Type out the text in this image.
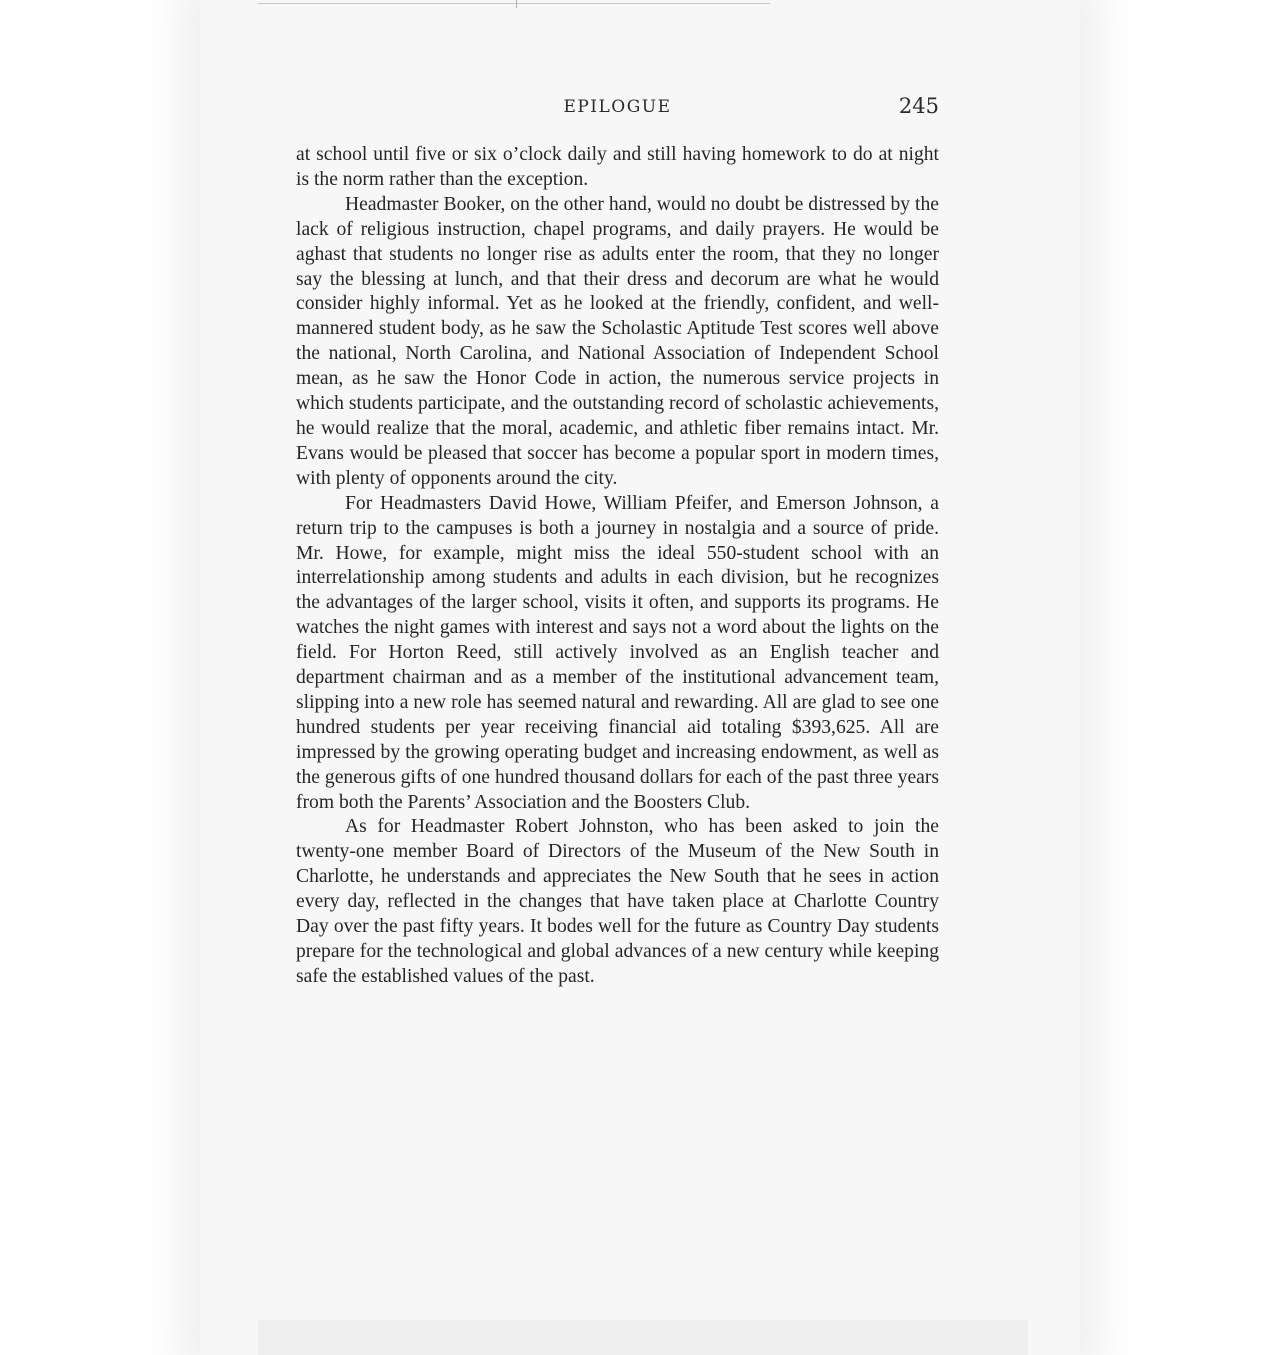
EPILOGUE	245

at school until five or six o’clock daily and still having homework to do at night is the norm rather than the exception.

Headmaster Booker, on the other hand, would no doubt be distressed by the lack of religious instruction, chapel programs, and daily prayers. He would be aghast that students no longer rise as adults enter the room, that they no longer say the blessing at lunch, and that their dress and decorum are what he would consider highly informal. Yet as he looked at the friendly, confident, and well-mannered student body, as he saw the Scholastic Aptitude Test scores well above the national, North Carolina, and National Association of Independent School mean, as he saw the Honor Code in action, the numerous service projects in which students participate, and the outstanding record of scholastic achievements, he would realize that the moral, academic, and athletic fiber remains intact. Mr. Evans would be pleased that soccer has become a popular sport in modern times, with plenty of opponents around the city.

For Headmasters David Howe, William Pfeifer, and Emerson Johnson, a return trip to the campuses is both a journey in nostalgia and a source of pride. Mr. Howe, for example, might miss the ideal 550-student school with an interrelationship among students and adults in each division, but he recognizes the advantages of the larger school, visits it often, and supports its programs. He watches the night games with interest and says not a word about the lights on the field. For Horton Reed, still actively involved as an English teacher and department chairman and as a member of the institutional advancement team, slipping into a new role has seemed natural and rewarding. All are glad to see one hundred students per year receiving financial aid totaling $393,625. All are impressed by the growing operating budget and increasing endowment, as well as the generous gifts of one hundred thousand dollars for each of the past three years from both the Parents’ Association and the Boosters Club.

As for Headmaster Robert Johnston, who has been asked to join the twenty-one member Board of Directors of the Museum of the New South in Charlotte, he understands and appreciates the New South that he sees in action every day, reflected in the changes that have taken place at Charlotte Country Day over the past fifty years. It bodes well for the future as Country Day students prepare for the technological and global advances of a new century while keeping safe the established values of the past.
